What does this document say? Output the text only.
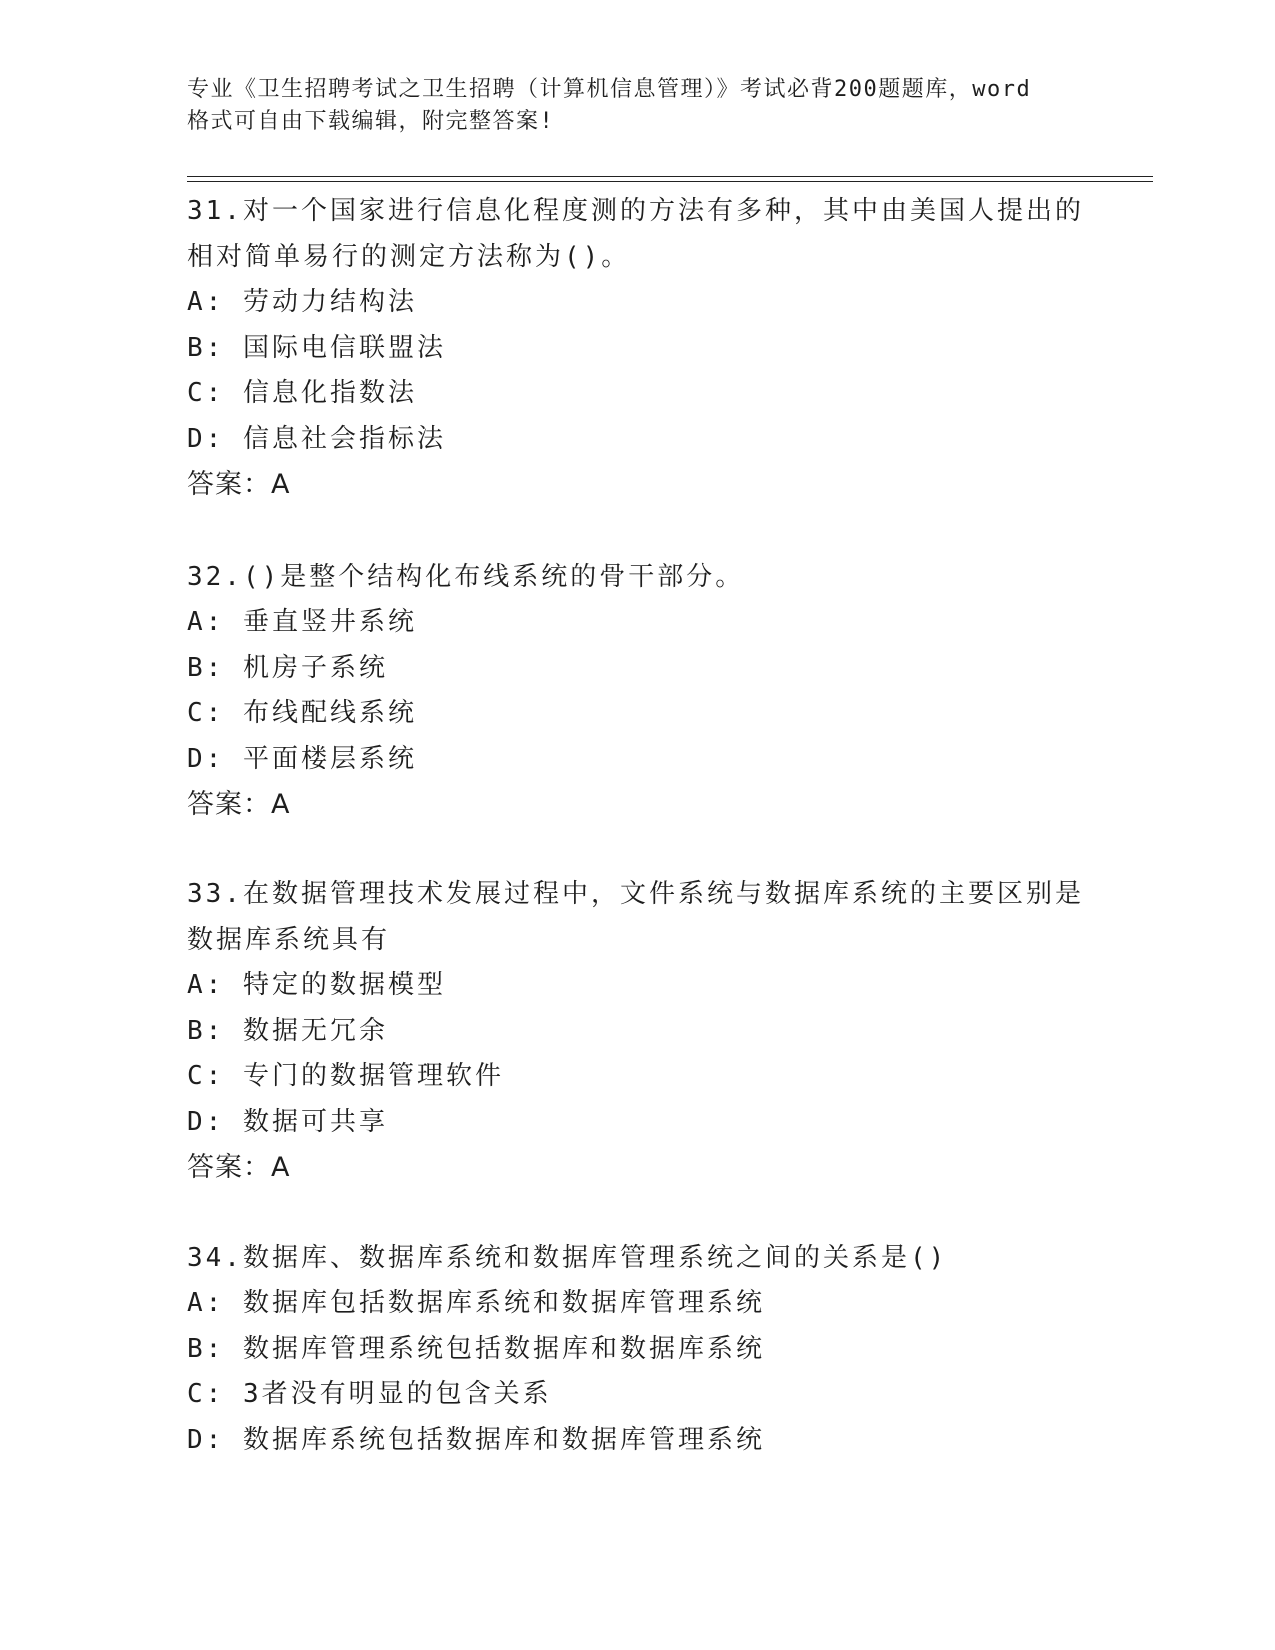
专业《卫生招聘考试之卫生招聘（计算机信息管理）》考试必背200题题库，word
格式可自由下载编辑，附完整答案!
31.对一个国家进行信息化程度测的方法有多种，其中由美国人提出的
相对简单易行的测定方法称为()。
A: 劳动力结构法
B: 国际电信联盟法
C: 信息化指数法
D: 信息社会指标法
答案：A
32.()是整个结构化布线系统的骨干部分。
A: 垂直竖井系统
B: 机房子系统
C: 布线配线系统
D: 平面楼层系统
答案：A
33.在数据管理技术发展过程中，文件系统与数据库系统的主要区别是
数据库系统具有
A: 特定的数据模型
B: 数据无冗余
C: 专门的数据管理软件
D: 数据可共享
答案：A
34.数据库、数据库系统和数据库管理系统之间的关系是()
A: 数据库包括数据库系统和数据库管理系统
B: 数据库管理系统包括数据库和数据库系统
C: 3者没有明显的包含关系
D: 数据库系统包括数据库和数据库管理系统
